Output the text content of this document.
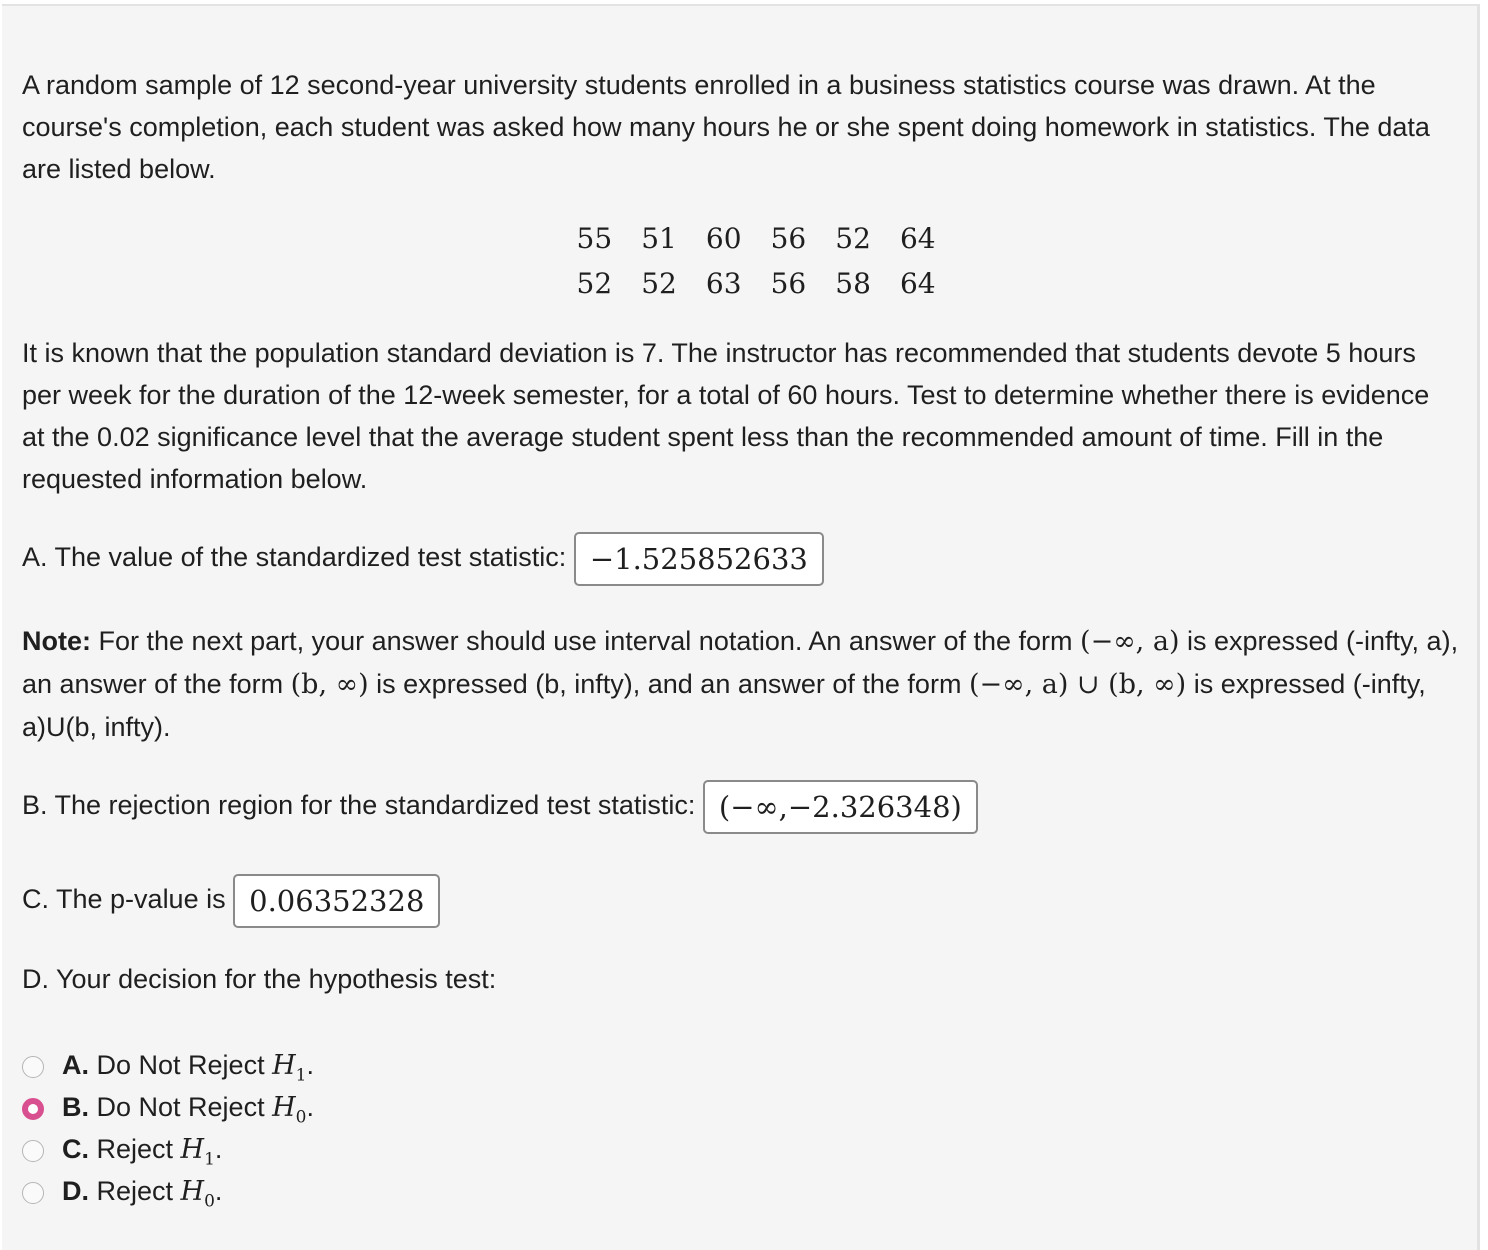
A random sample of 12 second-year university students enrolled in a business statistics course was drawn. At the course's completion, each student was asked how many hours he or she spent doing homework in statistics. The data are listed below.

55	51	60	56	52	64
52	52	63	56	58	64

It is known that the population standard deviation is 7. The instructor has recommended that students devote 5 hours per week for the duration of the 12-week semester, for a total of 60 hours. Test to determine whether there is evidence at the 0.02 significance level that the average student spent less than the recommended amount of time. Fill in the requested information below.

A. The value of the standardized test statistic: −1.525852633

Note: For the next part, your answer should use interval notation. An answer of the form (−∞, a) is expressed (-infty, a), an answer of the form (b, ∞) is expressed (b, infty), and an answer of the form (−∞, a) ∪ (b, ∞) is expressed (-infty, a)U(b, infty).

B. The rejection region for the standardized test statistic: (−∞,−2.326348)
C. The p-value is 0.06352328
D. Your decision for the hypothesis test:
A. Do Not Reject $H_1$.
B. Do Not Reject $H_0$.
C. Reject $H_1$.
D. Reject $H_0$.
